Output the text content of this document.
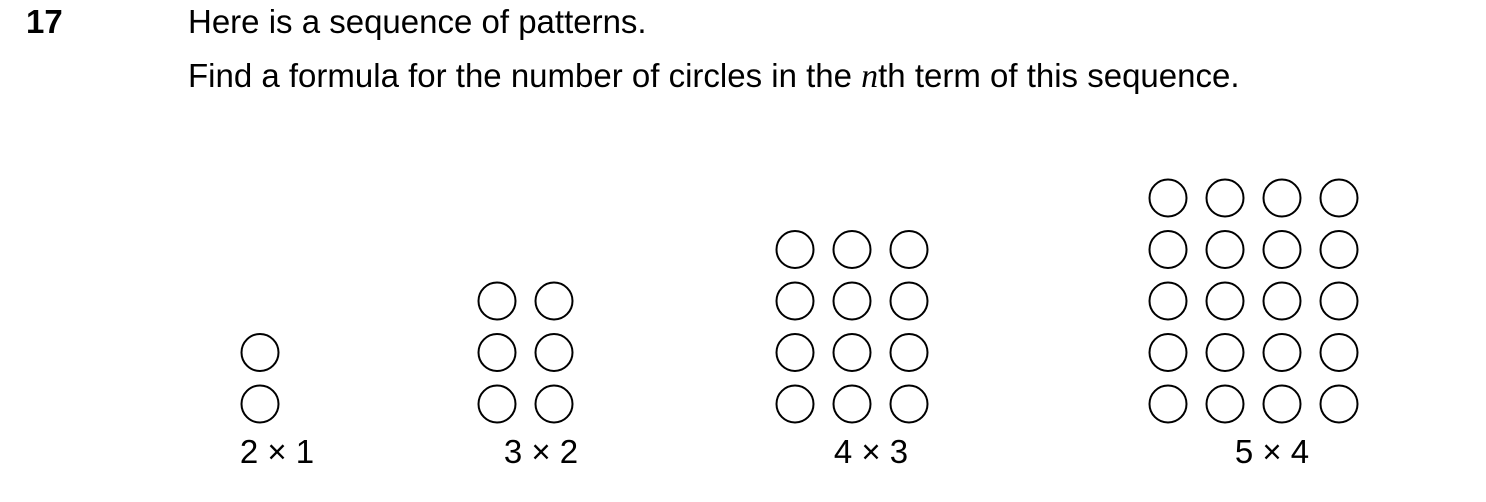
17	Here is a sequence of patterns.
Find a formula for the number of circles in the nth term of this sequence.
2 × 1	3 × 2	4 × 3	5 × 4
